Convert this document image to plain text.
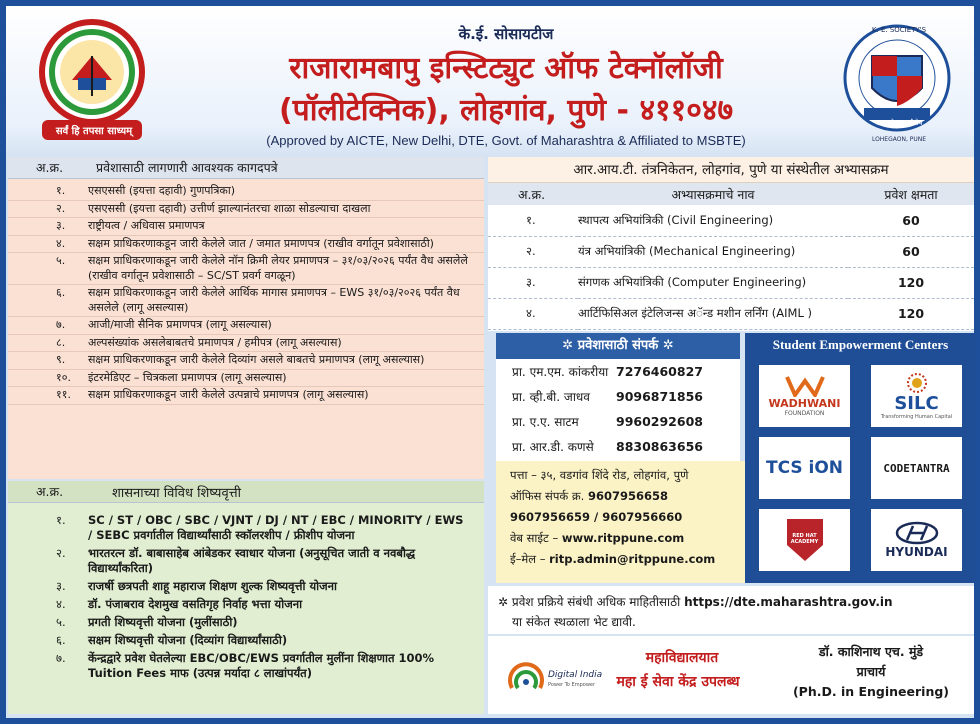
सर्वं हि तपसा साध्यम्
के.ई. सोसायटीज
राजारामबापु इन्स्टिट्युट ऑफ टेक्नॉलॉजी
(पॉलीटेक्निक), लोहगांव, पुणे - ४११०४७
(Approved by AICTE, New Delhi, DTE, Govt. of Maharashtra & Affiliated to MSBTE)
K. E. SOCIETY'S
अभ्यासेन तु कौशेय
LOHEGAON, PUNE
अ.क्र.	प्रवेशासाठी लागणारी आवश्यक कागदपत्रे
१.	एसएससी (इयत्ता दहावी) गुणपत्रिका)
२.	एसएससी (इयत्ता दहावी) उत्तीर्ण झाल्यानंतरचा शाळा सोडल्याचा दाखला
३.	राष्ट्रीयत्व / अधिवास प्रमाणपत्र
४.	सक्षम प्राधिकरणाकडून जारी केलेले जात / जमात प्रमाणपत्र (राखीव वर्गातून प्रवेशासाठी)
५.	सक्षम प्राधिकरणाकडून जारी केलेले नॉन क्रिमी लेयर प्रमाणपत्र – ३१/०३/२०२६ पर्यंत वैध असलेले (राखीव वर्गातून प्रवेशासाठी – SC/ST प्रवर्ग वगळून)
६.	सक्षम प्राधिकरणाकडून जारी केलेले आर्थिक मागास प्रमाणपत्र – EWS ३१/०३/२०२६ पर्यंत वैध असलेले (लागू असल्यास)
७.	आजी/माजी सैनिक प्रमाणपत्र (लागू असल्यास)
८.	अल्पसंख्यांक असलेबाबतचे प्रमाणपत्र / हमीपत्र (लागू असल्यास)
९.	सक्षम प्राधिकरणाकडून जारी केलेले दिव्यांग असले बाबतचे प्रमाणपत्र (लागू असल्यास)
१०.	इंटरमेडिएट – चित्रकला प्रमाणपत्र (लागू असल्यास)
११.	सक्षम प्राधिकरणाकडून जारी केलेले उत्पन्नाचे प्रमाणपत्र (लागू असल्यास)
अ.क्र.	शासनाच्या विविध शिष्यवृत्ती
१.	SC / ST / OBC / SBC / VJNT / DJ / NT / EBC / MINORITY / EWS / SEBC प्रवर्गातील विद्यार्थ्यांसाठी स्कॉलरशीप / फ्रीशीप योजना
२.	भारतरत्न डॉ. बाबासाहेब आंबेडकर स्वाधार योजना (अनुसूचित जाती व नवबौद्ध विद्यार्थ्यांकरिता)
३.	राजर्षी छत्रपती शाहू महाराज शिक्षण शुल्क शिष्यवृत्ती योजना
४.	डॉ. पंजाबराव देशमुख वसतिगृह निर्वाह भत्ता योजना
५.	प्रगती शिष्यवृत्ती योजना (मुलींसाठी)
६.	सक्षम शिष्यवृत्ती योजना (दिव्यांग विद्यार्थ्यांसाठी)
७.	केंन्द्रद्वारे प्रवेश घेतलेल्या EBC/OBC/EWS प्रवर्गातील मुलींना शिक्षणात 100% Tuition Fees माफ (उत्पन्न मर्यादा ८ लाखांपर्यंत)
आर.आय.टी. तंत्रनिकेतन, लोहगांव, पुणे या संस्थेतील अभ्यासक्रम
अ.क्र.	अभ्यासक्रमाचे नाव	प्रवेश क्षमता
१.	स्थापत्य अभियांत्रिकी (Civil Engineering)	60
२.	यंत्र अभियांत्रिकी (Mechanical Engineering)	60
३.	संगणक अभियांत्रिकी (Computer Engineering)	120
४.	आर्टिफिसिअल इंटेलिजन्स अॅन्ड मशीन लर्निंग (AIML )	120
✲ प्रवेशासाठी संपर्क ✲
प्रा. एम.एम. कांकरीया 7276460827
प्रा. व्ही.बी. जाधव	9096871856
प्रा. ए.ए. साटम	9960292608
प्रा. आर.डी. कणसे	8830863656
पत्ता – ३५, वडगांव शिंदे रोड, लोहगांव, पुणे
ऑफिस संपर्क क्र. 9607956658
9607956659 / 9607956660
वेब साईट – www.ritppune.com
ई–मेल – ritp.admin@ritppune.com
Student Empowerment Centers
WADHWANI
FOUNDATION	SILC
Transforming Human Capital
TCS iON	CODETANTRA
RED HAT ACADEMY
HYUNDAI
✲ प्रवेश प्रक्रिये संबंधी अधिक माहितीसाठी https://dte.maharashtra.gov.in
या संकेत स्थळाला भेट द्यावी.
Digital India
Power To Empower
महाविद्यालयात
महा ई सेवा केंद्र उपलब्ध
डॉ. काशिनाथ एच. मुंडे
प्राचार्य
(Ph.D. in Engineering)
